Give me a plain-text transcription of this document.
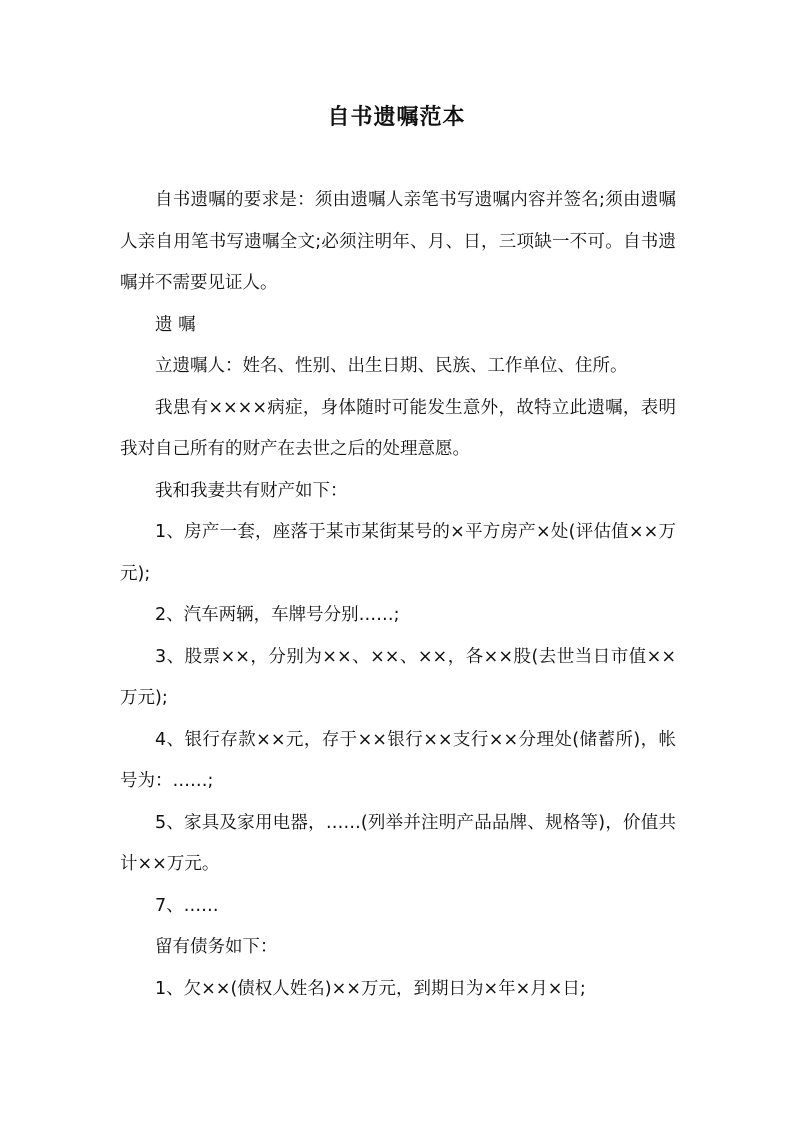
自书遗嘱范本

自书遗嘱的要求是：须由遗嘱人亲笔书写遗嘱内容并签名;须由遗嘱人亲自用笔书写遗嘱全文;必须注明年、月、日，三项缺一不可。自书遗嘱并不需要见证人。

遗 嘱

立遗嘱人：姓名、性别、出生日期、民族、工作单位、住所。

我患有××××病症，身体随时可能发生意外，故特立此遗嘱，表明我对自己所有的财产在去世之后的处理意愿。

我和我妻共有财产如下：

1、房产一套，座落于某市某街某号的×平方房产×处(评估值××万元);

2、汽车两辆，车牌号分别……;

3、股票××，分别为××、××、××，各××股(去世当日市值××万元);

4、银行存款××元，存于××银行××支行××分理处(储蓄所)，帐号为：……;

5、家具及家用电器，……(列举并注明产品品牌、规格等)，价值共计××万元。

7、……

留有债务如下：

1、欠××(债权人姓名)××万元，到期日为×年×月×日;
